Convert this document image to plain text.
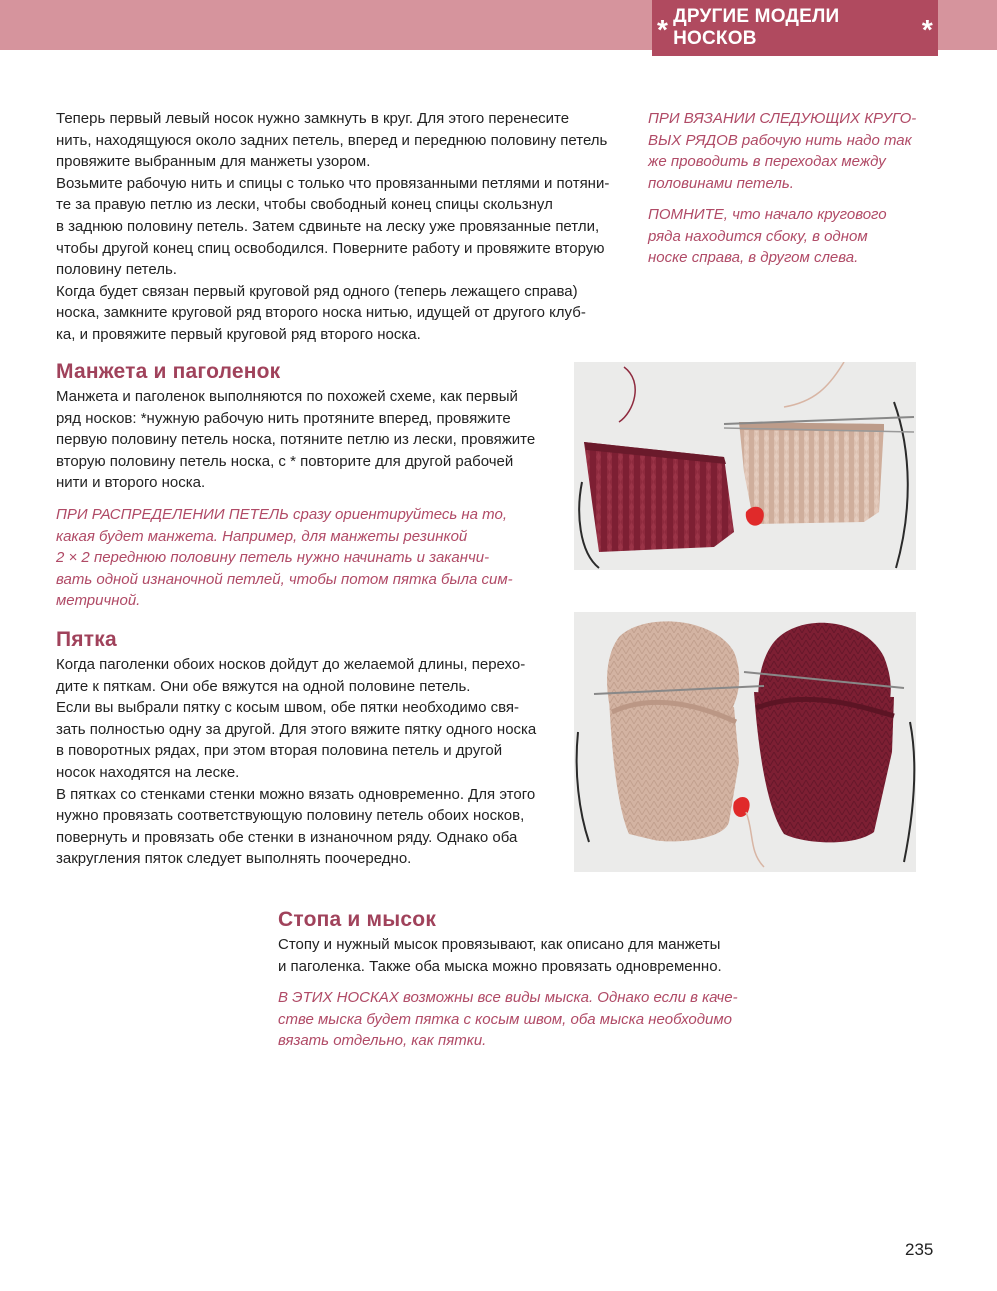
* ДРУГИЕ МОДЕЛИ НОСКОВ	*

Теперь первый левый носок нужно замкнуть в круг. Для этого перенесите

нить, находящуюся около задних петель, вперед и переднюю половину петель

провяжите выбранным для манжеты узором.

Возьмите рабочую нить и спицы с только что провязанными петлями и потяни-

те за правую петлю из лески, чтобы свободный конец спицы скользнул

в заднюю половину петель. Затем сдвиньте на леску уже провязанные петли,

чтобы другой конец спиц освободился. Поверните работу и провяжите вторую

половину петель.

Когда будет связан первый круговой ряд одного (теперь лежащего справа)

носка, замкните круговой ряд второго носка нитью, идущей от другого клуб-

ка, и провяжите первый круговой ряд второго носка.

ПРИ ВЯЗАНИИ СЛЕДУЮЩИХ КРУГО-

ВЫХ РЯДОВ рабочую нить надо так

же проводить в переходах между

половинами петель.

ПОМНИТЕ, что начало кругового

ряда находится сбоку, в одном

носке справа, в другом слева.

Манжета и паголенок

Манжета и паголенок выполняются по похожей схеме, как первый

ряд носков: *нужную рабочую нить протяните вперед, провяжите

первую половину петель носка, потяните петлю из лески, провяжите

вторую половину петель носка, с * повторите для другой рабочей

нити и второго носка.

ПРИ РАСПРЕДЕЛЕНИИ ПЕТЕЛЬ сразу ориентируйтесь на то,

какая будет манжета. Например, для манжеты резинкой

2 × 2 переднюю половину петель нужно начинать и заканчи-

вать одной изнаночной петлей, чтобы потом пятка была сим-

метричной.

Пятка

Когда паголенки обоих носков дойдут до желаемой длины, перехо-

дите к пяткам. Они обе вяжутся на одной половине петель.

Если вы выбрали пятку с косым швом, обе пятки необходимо свя-

зать полностью одну за другой. Для этого вяжите пятку одного носка

в поворотных рядах, при этом вторая половина петель и другой

носок находятся на леске.

В пятках со стенками стенки можно вязать одновременно. Для этого

нужно провязать соответствующую половину петель обоих носков,

повернуть и провязать обе стенки в изнаночном ряду. Однако оба

закругления пяток следует выполнять поочередно.

Стопа и мысок

Стопу и нужный мысок провязывают, как описано для манжеты

и паголенка. Также оба мыска можно провязать одновременно.

В ЭТИХ НОСКАХ возможны все виды мыска. Однако если в каче-

стве мыска будет пятка с косым швом, оба мыска необходимо

вязать отдельно, как пятки.

235
